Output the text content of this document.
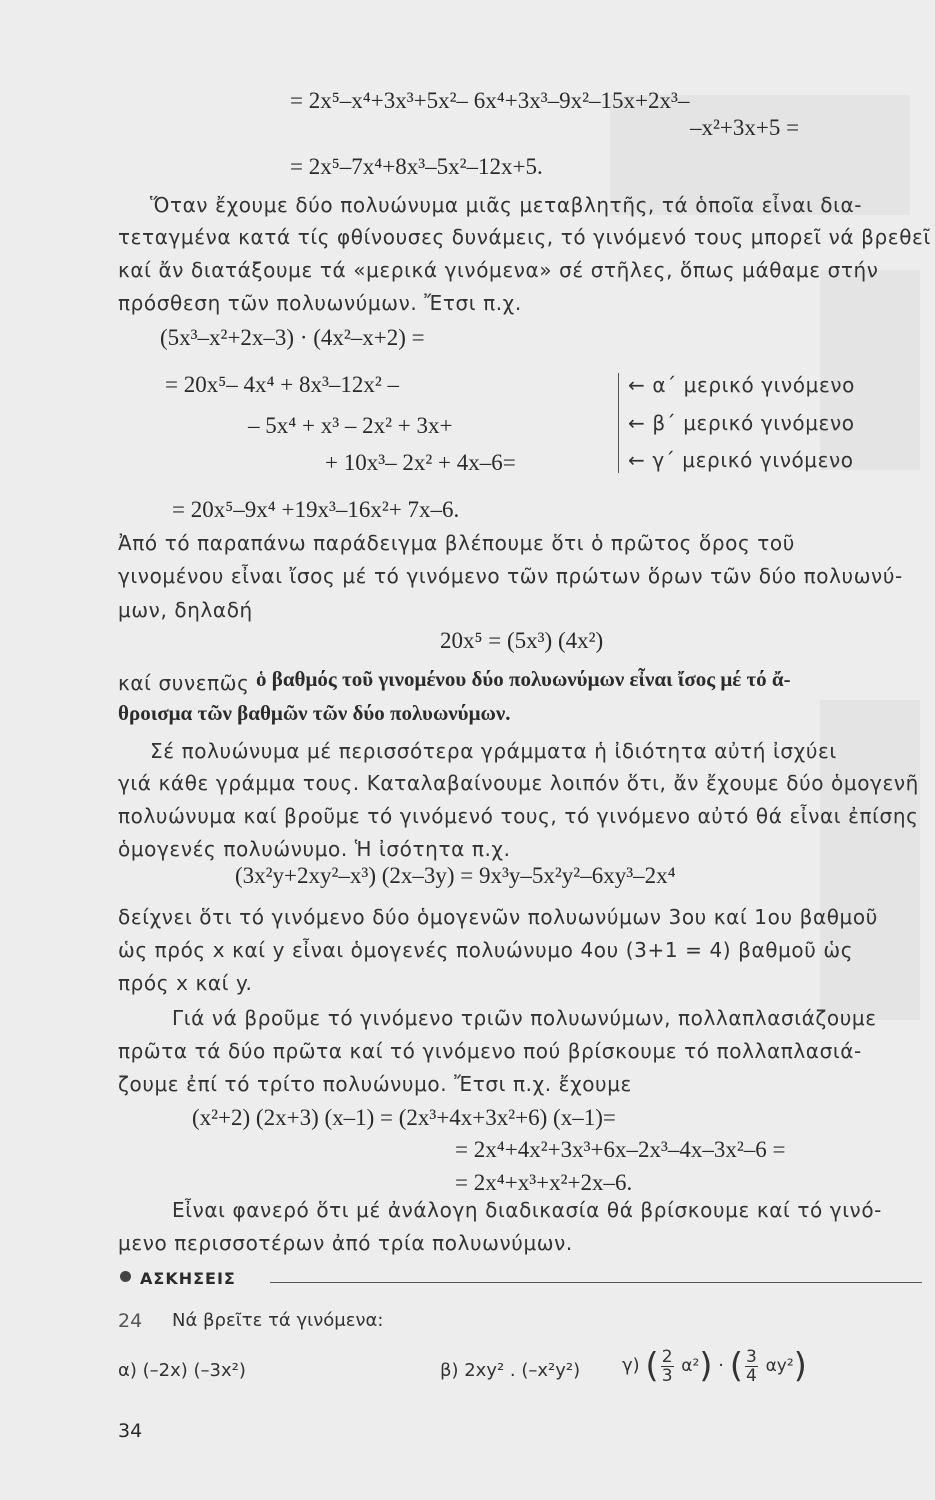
= 2x⁵–x⁴+3x³+5x²– 6x⁴+3x³–9x²–15x+2x³–
–x²+3x+5 =
= 2x⁵–7x⁴+8x³–5x²–12x+5.
Ὅταν ἔχουμε δύο πολυώνυμα μιᾶς μεταβλητῆς, τά ὁποῖα εἶναι δια-
τεταγμένα κατά τίς φθίνουσες δυνάμεις, τό γινόμενό τους μπορεῖ νά βρεθεῖ
καί ἄν διατάξουμε τά «μερικά γινόμενα» σέ στῆλες, ὅπως μάθαμε στήν
πρόσθεση τῶν πολυωνύμων. Ἔτσι π.χ.
(5x³–x²+2x–3) · (4x²–x+2) =
= 20x⁵– 4x⁴ + 8x³–12x² –
– 5x⁴ + x³ – 2x² + 3x+
+ 10x³– 2x² + 4x–6=
← α΄ μερικό γινόμενο
← β΄ μερικό γινόμενο
← γ΄ μερικό γινόμενο
= 20x⁵–9x⁴ +19x³–16x²+ 7x–6.
Ἀπό τό παραπάνω παράδειγμα βλέπουμε ὅτι ὁ πρῶτος ὅρος τοῦ
γινομένου εἶναι ἴσος μέ τό γινόμενο τῶν πρώτων ὅρων τῶν δύο πολυωνύ-
μων, δηλαδή
20x⁵ = (5x³) (4x²)
καί συνεπῶς ὁ βαθμός τοῦ γινομένου δύο πολυωνύμων εἶναι ἴσος μέ τό ἄ-
θροισμα τῶν βαθμῶν τῶν δύο πολυωνύμων.
Σέ πολυώνυμα μέ περισσότερα γράμματα ἡ ἰδιότητα αὐτή ἰσχύει
γιά κάθε γράμμα τους. Καταλαβαίνουμε λοιπόν ὅτι, ἄν ἔχουμε δύο ὁμογενῆ
πολυώνυμα καί βροῦμε τό γινόμενό τους, τό γινόμενο αὐτό θά εἶναι ἐπίσης
ὁμογενές πολυώνυμο. Ἡ ἰσότητα π.χ.
(3x²y+2xy²–x³) (2x–3y) = 9x³y–5x²y²–6xy³–2x⁴
δείχνει ὅτι τό γινόμενο δύο ὁμογενῶν πολυωνύμων 3ου καί 1ου βαθμοῦ
ὡς πρός x καί y εἶναι ὁμογενές πολυώνυμο 4ου (3+1 = 4) βαθμοῦ ὡς
πρός x καί y.
Γιά νά βροῦμε τό γινόμενο τριῶν πολυωνύμων, πολλαπλασιάζουμε
πρῶτα τά δύο πρῶτα καί τό γινόμενο πού βρίσκουμε τό πολλαπλασιά-
ζουμε ἐπί τό τρίτο πολυώνυμο. Ἔτσι π.χ. ἔχουμε
(x²+2) (2x+3) (x–1) = (2x³+4x+3x²+6) (x–1)=
= 2x⁴+4x²+3x³+6x–2x³–4x–3x²–6 =
= 2x⁴+x³+x²+2x–6.
Εἶναι φανερό ὅτι μέ ἀνάλογη διαδικασία θά βρίσκουμε καί τό γινό-
μενο περισσοτέρων ἀπό τρία πολυωνύμων.
ΑΣΚΗΣΕΙΣ
24 Νά βρεῖτε τά γινόμενα:
α) (–2x) (–3x²)	β) 2xy² . (–x²y²) γ) ( $\frac{2}{3} \alpha^2$) · ( $\frac{3}{4} \alpha y^2$)
34
